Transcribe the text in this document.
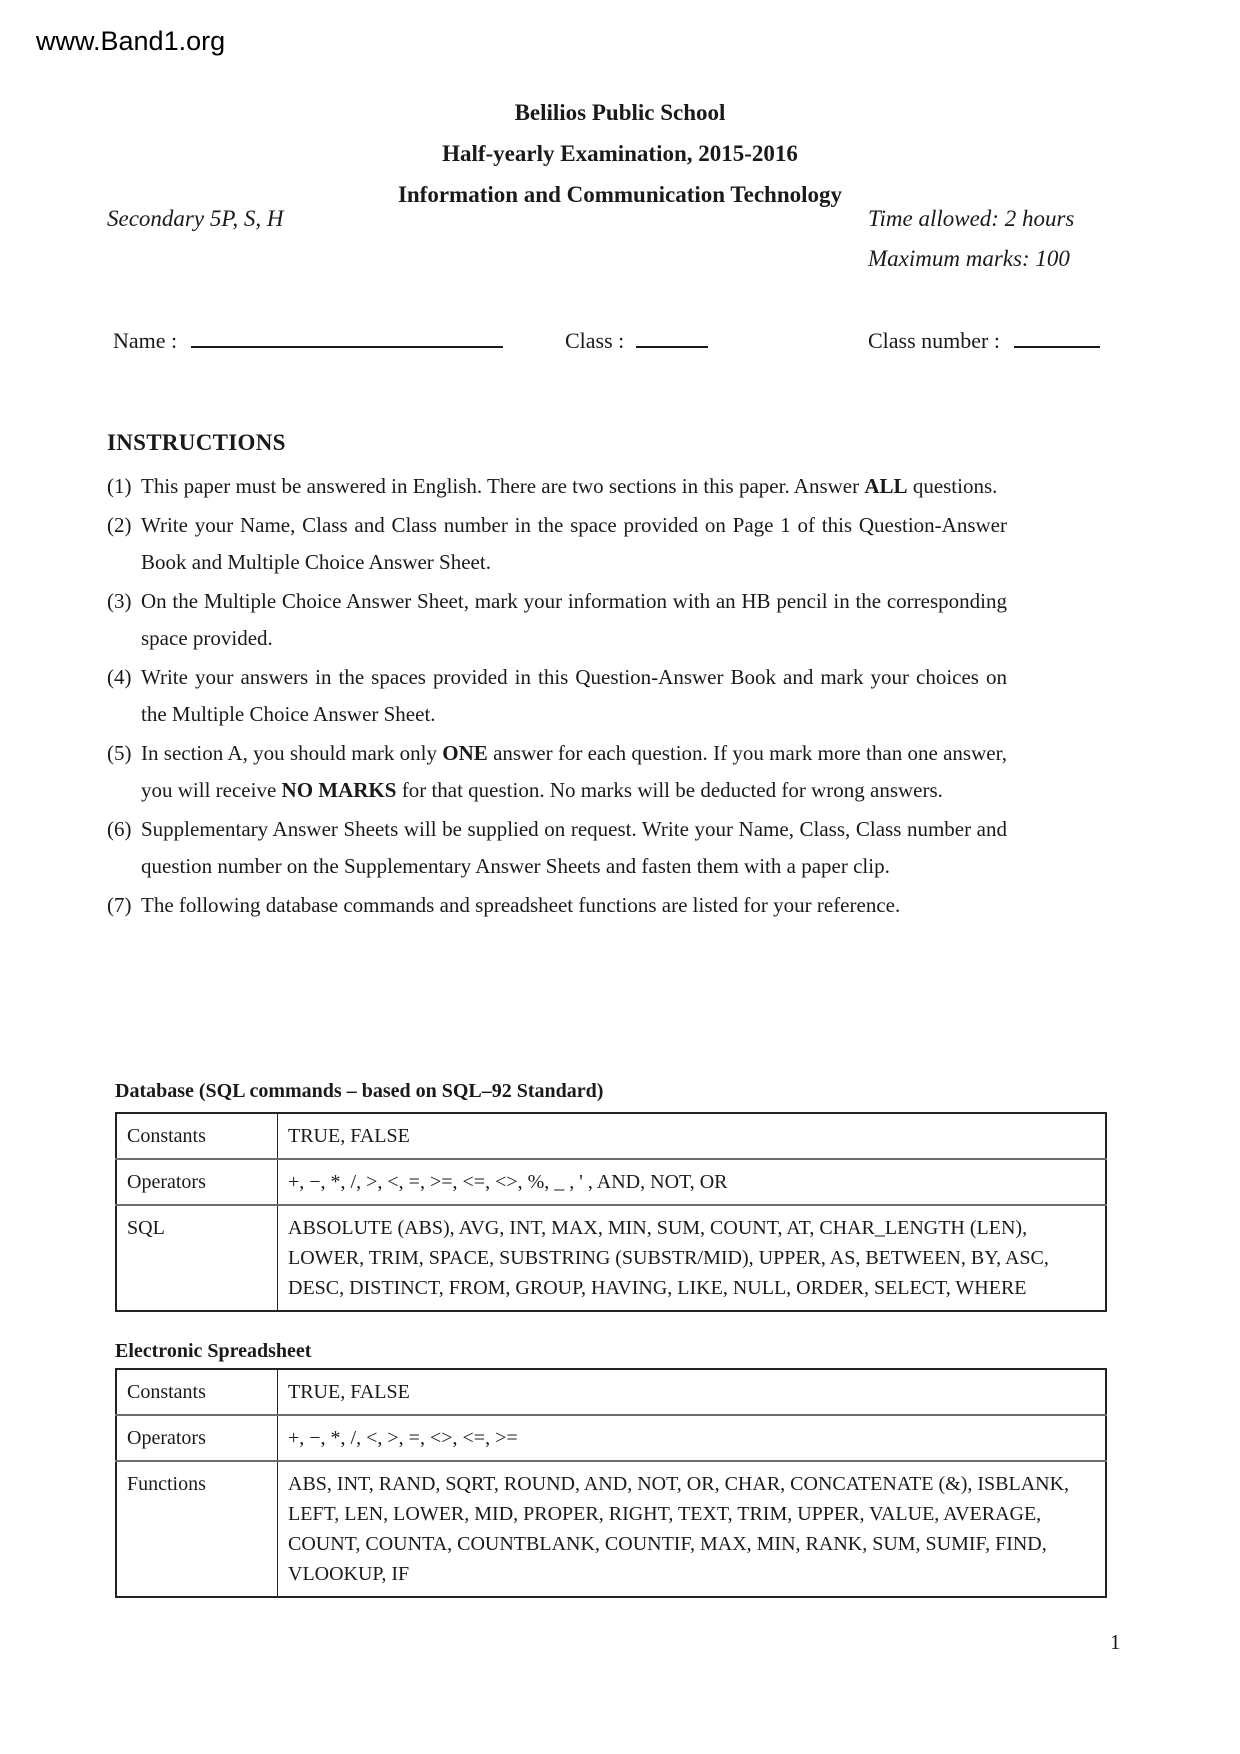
www.Band1.org
Belilios Public School
Half-yearly Examination, 2015-2016
Information and Communication Technology
Secondary 5P, S, H	Time allowed: 2 hours
Maximum marks: 100
Name :	Class :	Class number :
INSTRUCTIONS
(1) This paper must be answered in English. There are two sections in this paper. Answer ALL questions.
(2) Write your Name, Class and Class number in the space provided on Page 1 of this Question-Answer Book and Multiple Choice Answer Sheet.
(3) On the Multiple Choice Answer Sheet, mark your information with an HB pencil in the corresponding space provided.
(4) Write your answers in the spaces provided in this Question-Answer Book and mark your choices on the Multiple Choice Answer Sheet.
(5) In section A, you should mark only ONE answer for each question. If you mark more than one answer, you will receive NO MARKS for that question. No marks will be deducted for wrong answers.
(6) Supplementary Answer Sheets will be supplied on request. Write your Name, Class, Class number and question number on the Supplementary Answer Sheets and fasten them with a paper clip.
(7) The following database commands and spreadsheet functions are listed for your reference.
Database (SQL commands – based on SQL–92 Standard)
Constants	TRUE, FALSE
Operators	+, −, *, /, >, <, =, >=, <=, <>, %, _ , ' , AND, NOT, OR
SQL	ABSOLUTE (ABS), AVG, INT, MAX, MIN, SUM, COUNT, AT, CHAR_LENGTH (LEN), LOWER, TRIM, SPACE, SUBSTRING (SUBSTR/MID), UPPER, AS, BETWEEN, BY, ASC, DESC, DISTINCT, FROM, GROUP, HAVING, LIKE, NULL, ORDER, SELECT, WHERE
Electronic Spreadsheet
Constants	TRUE, FALSE
Operators	+, −, *, /, <, >, =, <>, <=, >=
Functions	ABS, INT, RAND, SQRT, ROUND, AND, NOT, OR, CHAR, CONCATENATE (&), ISBLANK, LEFT, LEN, LOWER, MID, PROPER, RIGHT, TEXT, TRIM, UPPER, VALUE, AVERAGE, COUNT, COUNTA, COUNTBLANK, COUNTIF, MAX, MIN, RANK, SUM, SUMIF, FIND, VLOOKUP, IF
1
